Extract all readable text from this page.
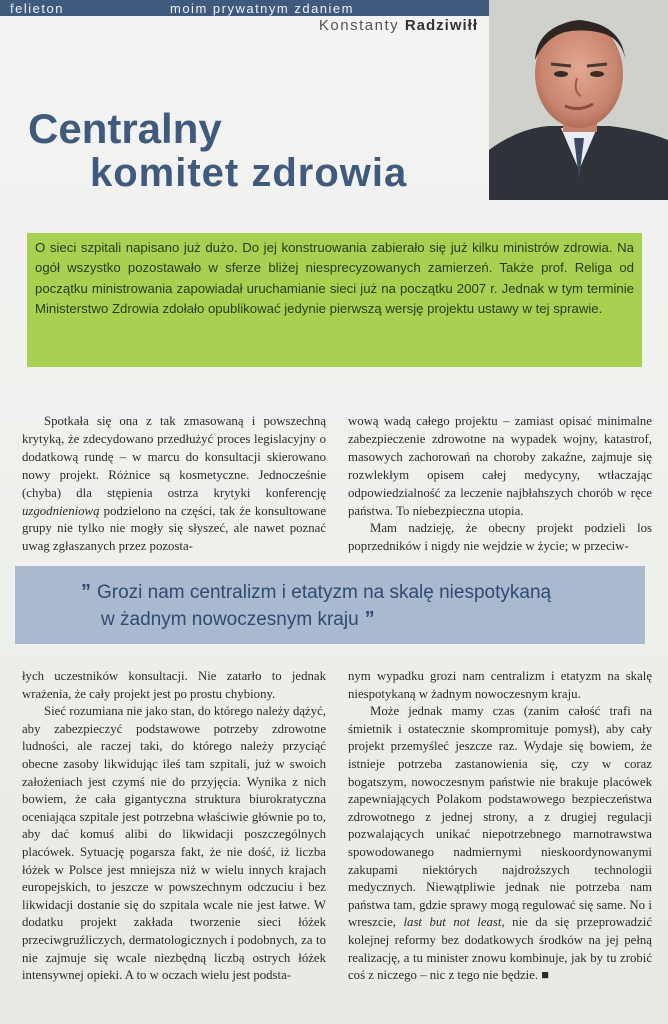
felieton	moim prywatnym zdaniem
Konstanty Radziwiłł
Centralny
komitet zdrowia
O sieci szpitali napisano już dużo. Do jej konstruowania zabierało się już kilku ministrów zdrowia. Na ogół wszystko pozostawało w sferze bliżej niesprecyzowanych zamierzeń. Także prof. Religa od początku ministrowania zapowiadał uruchamianie sieci już na początku 2007 r. Jednak w tym terminie Ministerstwo Zdrowia zdołało opublikować jedynie pierwszą wersję projektu ustawy w tej sprawie.

Spotkała się ona z tak zmasowaną i powszechną krytyką, że zdecydowano przedłużyć proces legislacyjny o dodatkową rundę – w marcu do konsultacji skierowano nowy projekt. Różnice są kosmetyczne. Jednocześnie (chyba) dla stępienia ostrza krytyki konferencję uzgodnieniową podzielono na części, tak że konsultowane grupy nie tylko nie mogły się słyszeć, ale nawet poznać uwag zgłaszanych przez pozosta-

wową wadą całego projektu – zamiast opisać minimalne zabezpieczenie zdrowotne na wypadek wojny, katastrof, masowych zachorowań na choroby zakaźne, zajmuje się rozwlekłym opisem całej medycyny, wtłaczając odpowiedzialność za leczenie najbłahszych chorób w ręce państwa. To niebezpieczna utopia.

Mam nadzieję, że obecny projekt podzieli los poprzedników i nigdy nie wejdzie w życie; w przeciw-

” Grozi nam centralizm i etatyzm na skalę niespotykaną
w żadnym nowoczesnym kraju ”

łych uczestników konsultacji. Nie zatarło to jednak wrażenia, że cały projekt jest po prostu chybiony.

Sieć rozumiana nie jako stan, do którego należy dążyć, aby zabezpieczyć podstawowe potrzeby zdrowotne ludności, ale raczej taki, do którego należy przyciąć obecne zasoby likwidując ileś tam szpitali, już w swoich założeniach jest czymś nie do przyjęcia. Wynika z nich bowiem, że cała gigantyczna struktura biurokratyczna oceniająca szpitale jest potrzebna właściwie głównie po to, aby dać komuś alibi do likwidacji poszczególnych placówek. Sytuację pogarsza fakt, że nie dość, iż liczba łóżek w Polsce jest mniejsza niż w wielu innych krajach europejskich, to jeszcze w powszechnym odczuciu i bez likwidacji dostanie się do szpitala wcale nie jest łatwe. W dodatku projekt zakłada tworzenie sieci łóżek przeciwgruźliczych, dermatologicznych i podobnych, za to nie zajmuje się wcale niezbędną liczbą ostrych łóżek intensywnej opieki. A to w oczach wielu jest podsta-

nym wypadku grozi nam centralizm i etatyzm na skalę niespotykaną w żadnym nowoczesnym kraju.

Może jednak mamy czas (zanim całość trafi na śmietnik i ostatecznie skompromituje pomysł), aby cały projekt przemyśleć jeszcze raz. Wydaje się bowiem, że istnieje potrzeba zastanowienia się, czy w coraz bogatszym, nowoczesnym państwie nie brakuje placówek zapewniających Polakom podstawowego bezpieczeństwa zdrowotnego z jednej strony, a z drugiej regulacji pozwalających unikać niepotrzebnego marnotrawstwa spowodowanego nadmiernymi nieskoordynowanymi zakupami niektórych najdroższych technologii medycznych. Niewątpliwie jednak nie potrzeba nam państwa tam, gdzie sprawy mogą regulować się same. No i wreszcie, last but not least, nie da się przeprowadzić kolejnej reformy bez dodatkowych środków na jej pełną realizację, a tu minister znowu kombinuje, jak by tu zrobić coś z niczego – nic z tego nie będzie. ■
